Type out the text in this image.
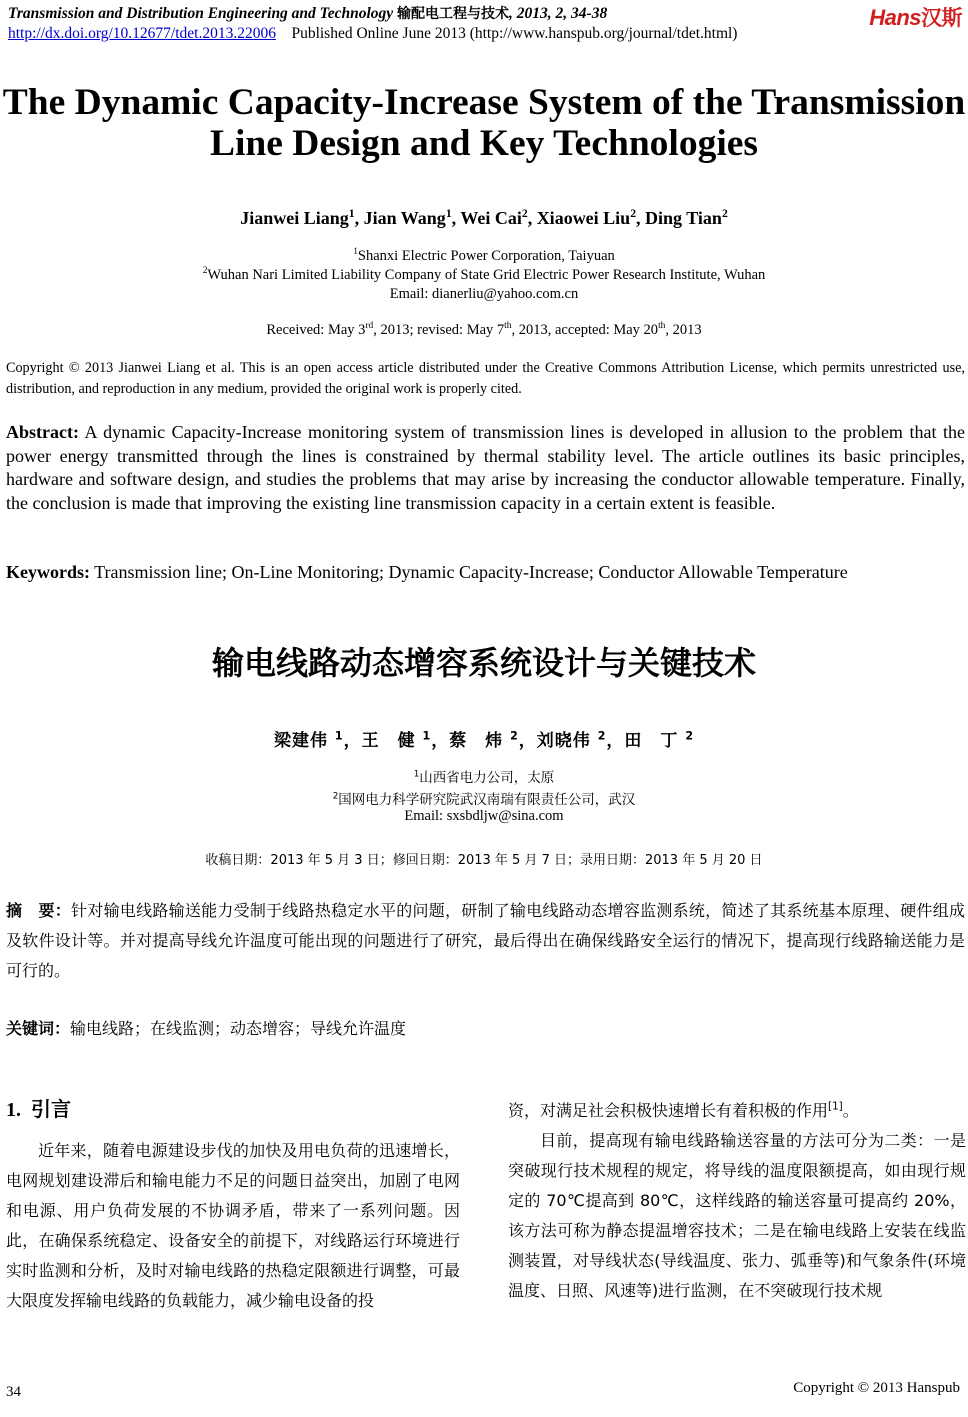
Transmission and Distribution Engineering and Technology 输配电工程与技术, 2013, 2, 34-38
http://dx.doi.org/10.12677/tdet.2013.22006 Published Online June 2013 (http://www.hanspub.org/journal/tdet.html)
Hans汉斯
The Dynamic Capacity-Increase System of the Transmission Line Design and Key Technologies
Jianwei Liang$^1$, Jian Wang$^1$, Wei Cai$^2$, Xiaowei Liu$^2$, Ding Tian$^2$
$^1$Shanxi Electric Power Corporation, Taiyuan
$^2$Wuhan Nari Limited Liability Company of State Grid Electric Power Research Institute, Wuhan
Email: dianerliu@yahoo.com.cn
Received: May 3rd, 2013; revised: May 7th, 2013, accepted: May 20th, 2013
Copyright © 2013 Jianwei Liang et al. This is an open access article distributed under the Creative Commons Attribution License, which permits unrestricted use, distribution, and reproduction in any medium, provided the original work is properly cited.
Abstract: A dynamic Capacity-Increase monitoring system of transmission lines is developed in allusion to the problem that the power energy transmitted through the lines is constrained by thermal stability level. The article outlines its basic principles, hardware and software design, and studies the problems that may arise by increasing the conductor allowable temperature. Finally, the conclusion is made that improving the existing line transmission capacity in a certain extent is feasible.
Keywords: Transmission line; On-Line Monitoring; Dynamic Capacity-Increase; Conductor Allowable Temperature
输电线路动态增容系统设计与关键技术
梁建伟 $^1$，王　健 $^1$，蔡　炜 $^2$，刘晓伟 $^2$，田　丁 $^2$
$^1$山西省电力公司，太原
$^2$国网电力科学研究院武汉南瑞有限责任公司，武汉
Email: sxsbdljw@sina.com
收稿日期：2013 年 5 月 3 日；修回日期：2013 年 5 月 7 日；录用日期：2013 年 5 月 20 日
摘　要：针对输电线路输送能力受制于线路热稳定水平的问题，研制了输电线路动态增容监测系统，简述了其系统基本原理、硬件组成及软件设计等。并对提高导线允许温度可能出现的问题进行了研究，最后得出在确保线路安全运行的情况下，提高现行线路输送能力是可行的。
关键词：输电线路；在线监测；动态增容；导线允许温度
1. 引言

近年来，随着电源建设步伐的加快及用电负荷的迅速增长，电网规划建设滞后和输电能力不足的问题日益突出，加剧了电网和电源、用户负荷发展的不协调矛盾，带来了一系列问题。因此，在确保系统稳定、设备安全的前提下，对线路运行环境进行实时监测和分析，及时对输电线路的热稳定限额进行调整，可最大限度发挥输电线路的负载能力，减少输电设备的投

资，对满足社会积极快速增长有着积极的作用[1]。

目前，提高现有输电线路输送容量的方法可分为二类：一是突破现行技术规程的规定，将导线的温度限额提高，如由现行规定的 70℃提高到 80℃，这样线路的输送容量可提高约 20%，该方法可称为静态提温增容技术；二是在输电线路上安装在线监测装置，对导线状态(导线温度、张力、弧垂等)和气象条件(环境温度、日照、风速等)进行监测，在不突破现行技术规

34	Copyright © 2013 Hanspub
